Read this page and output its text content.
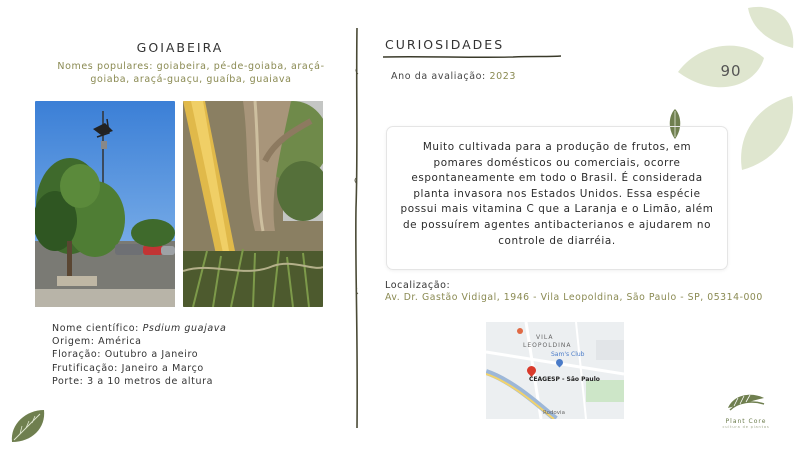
GOIABEIRA
Nomes populares: goiabeira, pé-de-goiaba, araçá-goiaba, araçá-guaçu, guaíba, guaiava
Nome científico: Psdium guajava
Origem: América
Floração: Outubro a Janeiro
Frutificação: Janeiro a Março
Porte: 3 a 10 metros de altura
CURIOSIDADES
Ano da avaliação: 2023	90
Muito cultivada para a produção de frutos, em pomares domésticos ou comerciais, ocorre espontaneamente em todo o Brasil. É considerada planta invasora nos Estados Unidos. Essa espécie possui mais vitamina C que a Laranja e o Limão, além de possuírem agentes antibacterianos e ajudarem no controle de diarréia.
Localização:
Av. Dr. Gastão Vidigal, 1946 - Vila Leopoldina, São Paulo - SP, 05314-000
VILA
LEOPOLDINA
Sam's Club
CEAGESP - São Paulo
Rodovia
Plant Core
cultura de plantas
